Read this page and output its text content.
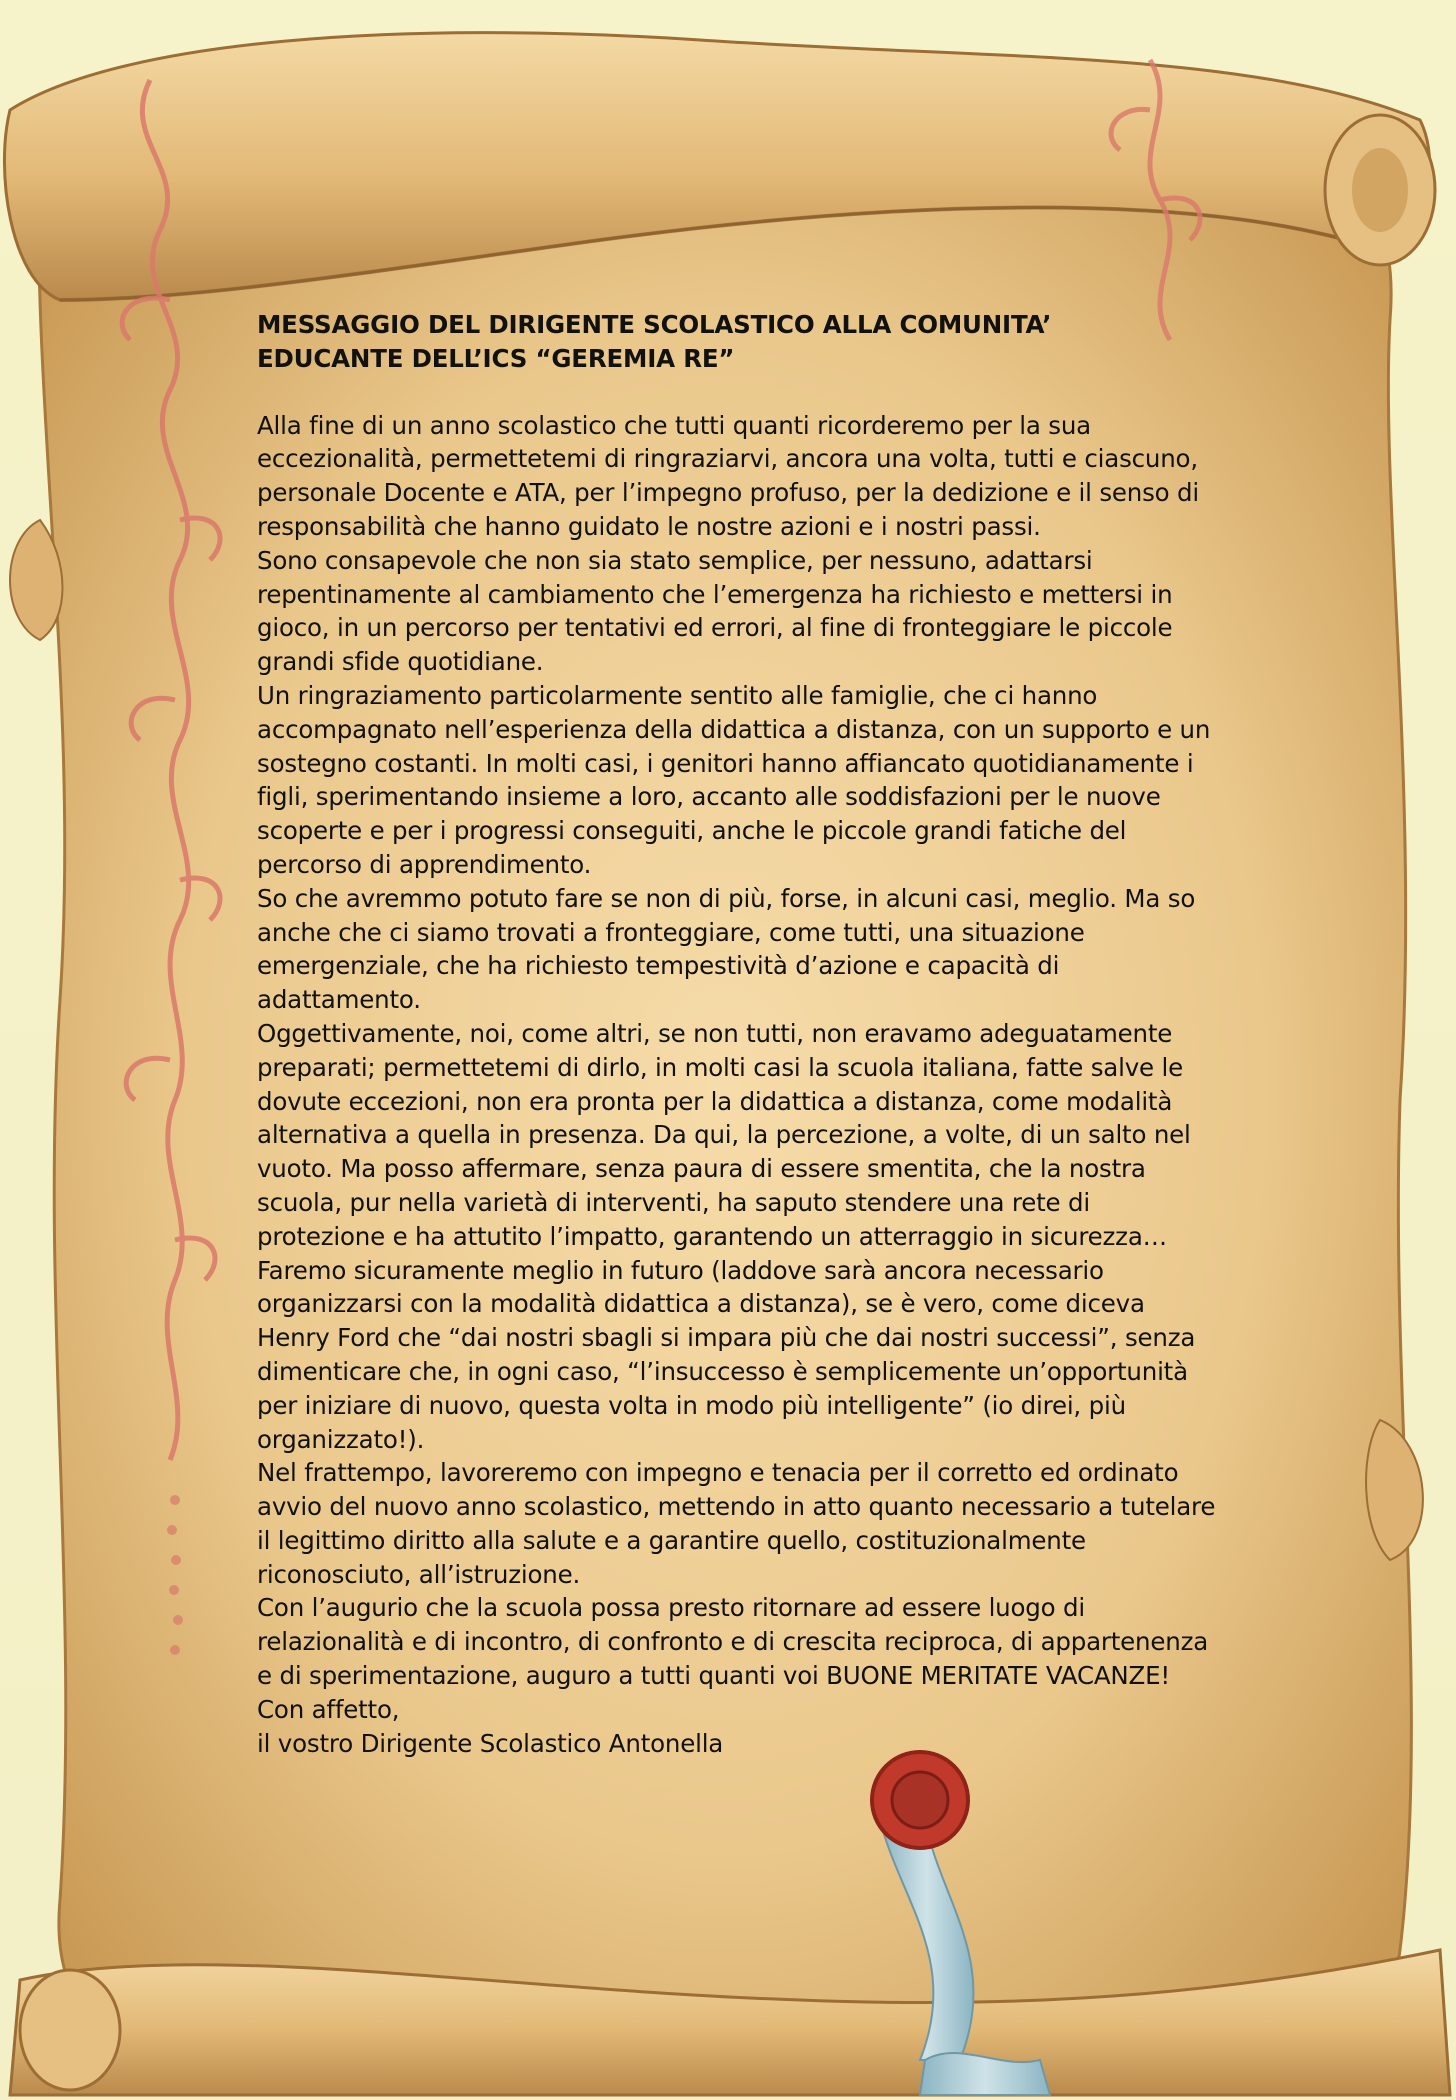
MESSAGGIO DEL DIRIGENTE SCOLASTICO ALLA COMUNITA’
EDUCANTE DELL’ICS “GEREMIA RE”

Alla fine di un anno scolastico che tutti quanti ricorderemo per la sua eccezionalità, permettetemi di ringraziarvi, ancora una volta, tutti e ciascuno, personale Docente e ATA, per l’impegno profuso, per la dedizione e il senso di responsabilità che hanno guidato le nostre azioni e i nostri passi.

Sono consapevole che non sia stato semplice, per nessuno, adattarsi repentinamente al cambiamento che l’emergenza ha richiesto e mettersi in gioco, in un percorso per tentativi ed errori, al fine di fronteggiare le piccole grandi sfide quotidiane.

Un ringraziamento particolarmente sentito alle famiglie, che ci hanno accompagnato nell’esperienza della didattica a distanza, con un supporto e un sostegno costanti. In molti casi, i genitori hanno affiancato quotidianamente i figli, sperimentando insieme a loro, accanto alle soddisfazioni per le nuove scoperte e per i progressi conseguiti, anche le piccole grandi fatiche del percorso di apprendimento.

So che avremmo potuto fare se non di più, forse, in alcuni casi, meglio. Ma so anche che ci siamo trovati a fronteggiare, come tutti, una situazione emergenziale, che ha richiesto tempestività d’azione e capacità di adattamento.

Oggettivamente, noi, come altri, se non tutti, non eravamo adeguatamente preparati; permettetemi di dirlo, in molti casi la scuola italiana, fatte salve le dovute eccezioni, non era pronta per la didattica a distanza, come modalità alternativa a quella in presenza. Da qui, la percezione, a volte, di un salto nel vuoto. Ma posso affermare, senza paura di essere smentita, che la nostra scuola, pur nella varietà di interventi, ha saputo stendere una rete di protezione e ha attutito l’impatto, garantendo un atterraggio in sicurezza…

Faremo sicuramente meglio in futuro (laddove sarà ancora necessario organizzarsi con la modalità didattica a distanza), se è vero, come diceva Henry Ford che “dai nostri sbagli si impara più che dai nostri successi”, senza dimenticare che, in ogni caso, “l’insuccesso è semplicemente un’opportunità per iniziare di nuovo, questa volta in modo più intelligente” (io direi, più organizzato!).

Nel frattempo, lavoreremo con impegno e tenacia per il corretto ed ordinato avvio del nuovo anno scolastico, mettendo in atto quanto necessario a tutelare il legittimo diritto alla salute e a garantire quello, costituzionalmente riconosciuto, all’istruzione.

Con l’augurio che la scuola possa presto ritornare ad essere luogo di relazionalità e di incontro, di confronto e di crescita reciproca, di appartenenza e di sperimentazione, auguro a tutti quanti voi BUONE MERITATE VACANZE!

Con affetto,
il vostro Dirigente Scolastico Antonella
